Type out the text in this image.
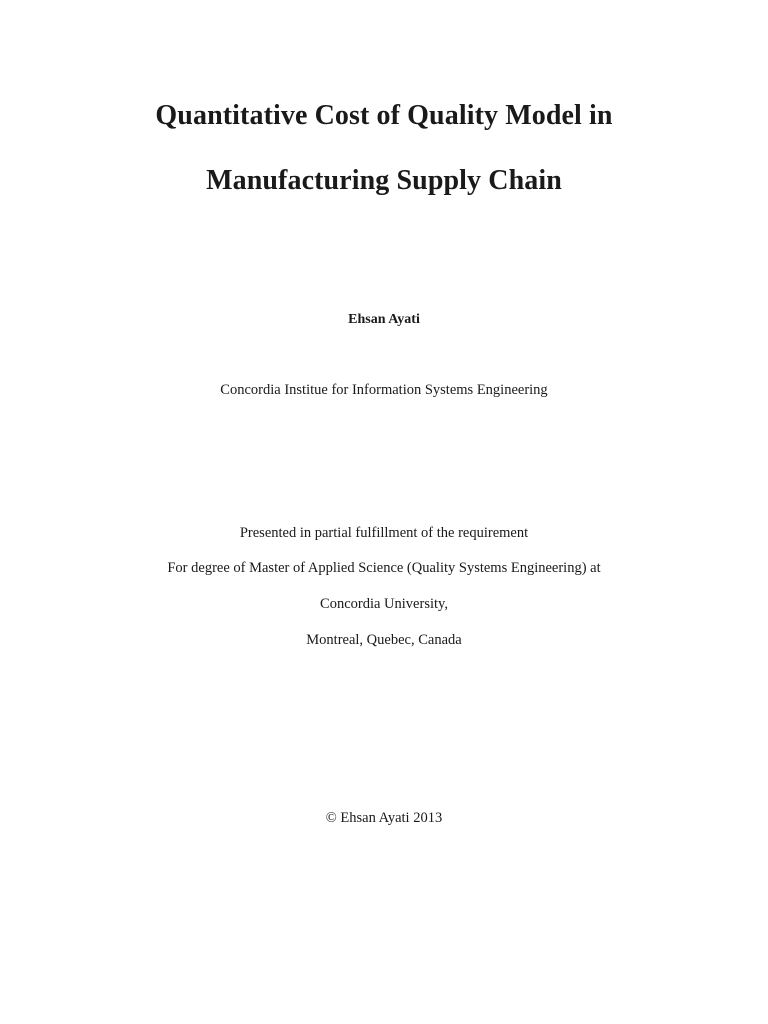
Quantitative Cost of Quality Model in
Manufacturing Supply Chain
Ehsan Ayati
Concordia Institue for Information Systems Engineering
Presented in partial fulfillment of the requirement
For degree of Master of Applied Science (Quality Systems Engineering) at
Concordia University,
Montreal, Quebec, Canada
© Ehsan Ayati 2013
